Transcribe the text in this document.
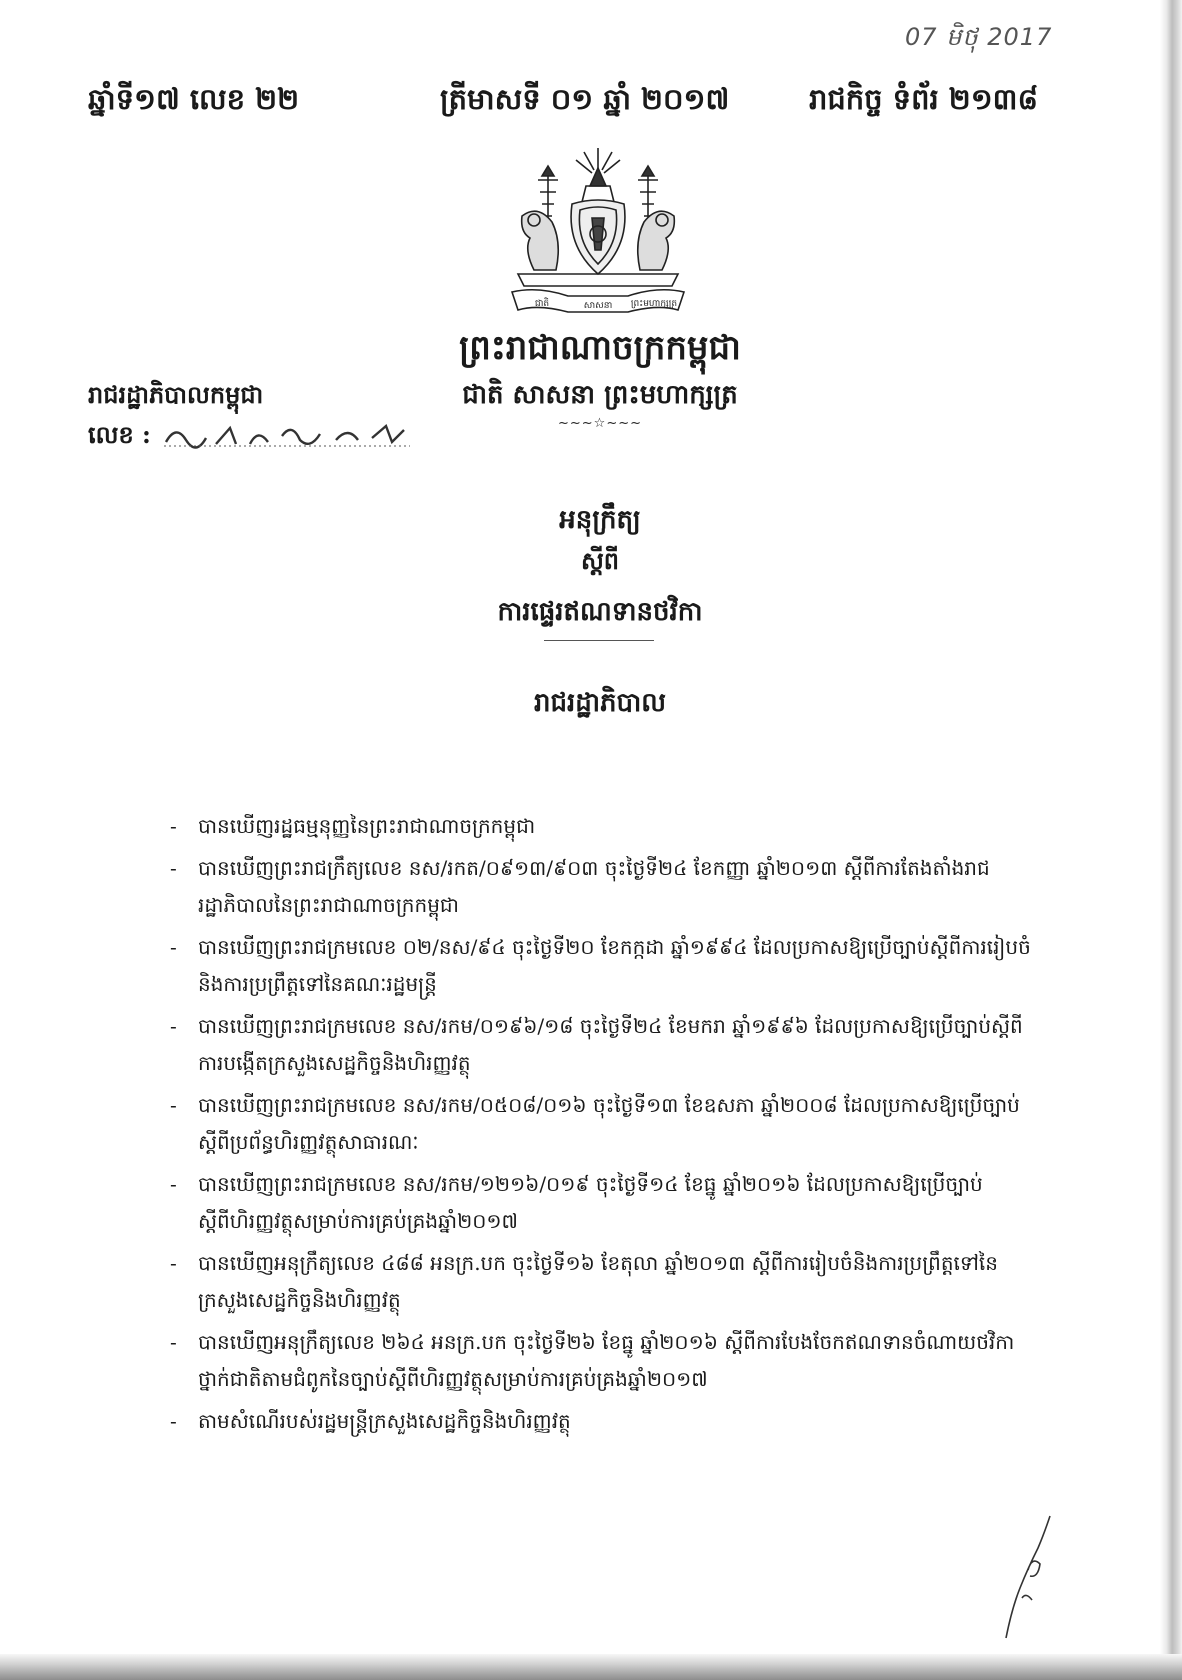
07 មិថុ 2017
ឆ្នាំទី១៧ លេខ ២២	ត្រីមាសទី ០១ ឆ្នាំ ២០១៧	រាជកិច្ច ទំព័រ ២១៣៨
ជាតិ	សាសនា ព្រះមហាក្សត្រ
ព្រះរាជាណាចក្រកម្ពុជា
ជាតិ សាសនា ព្រះមហាក្សត្រ
~~~☆~~~
រាជរដ្ឋាភិបាលកម្ពុជា
លេខ :
អនុក្រឹត្យ
ស្ដីពី
ការផ្ទេរឥណទានថវិកា
រាជរដ្ឋាភិបាល
- បានឃើញរដ្ឋធម្មនុញ្ញនៃព្រះរាជាណាចក្រកម្ពុជា
- បានឃើញព្រះរាជក្រឹត្យលេខ នស/រកត/០៩១៣/៩០៣ ចុះថ្ងៃទី២៤ ខែកញ្ញា ឆ្នាំ២០១៣ ស្ដីពីការតែងតាំងរាជរដ្ឋាភិបាលនៃព្រះរាជាណាចក្រកម្ពុជា
- បានឃើញព្រះរាជក្រមលេខ ០២/នស/៩៤ ចុះថ្ងៃទី២០ ខែកក្កដា ឆ្នាំ១៩៩៤ ដែលប្រកាសឱ្យប្រើច្បាប់ស្ដីពីការរៀបចំនិងការប្រព្រឹត្តទៅនៃគណៈរដ្ឋមន្ត្រី
- បានឃើញព្រះរាជក្រមលេខ នស/រកម/០១៩៦/១៨ ចុះថ្ងៃទី២៤ ខែមករា ឆ្នាំ១៩៩៦ ដែលប្រកាសឱ្យប្រើច្បាប់ស្ដីពីការបង្កើតក្រសួងសេដ្ឋកិច្ចនិងហិរញ្ញវត្ថុ
- បានឃើញព្រះរាជក្រមលេខ នស/រកម/០៥០៨/០១៦ ចុះថ្ងៃទី១៣ ខែឧសភា ឆ្នាំ២០០៨ ដែលប្រកាសឱ្យប្រើច្បាប់ស្ដីពីប្រព័ន្ធហិរញ្ញវត្ថុសាធារណៈ
- បានឃើញព្រះរាជក្រមលេខ នស/រកម/១២១៦/០១៩ ចុះថ្ងៃទី១៤ ខែធ្នូ ឆ្នាំ២០១៦ ដែលប្រកាសឱ្យប្រើច្បាប់ស្ដីពីហិរញ្ញវត្ថុសម្រាប់ការគ្រប់គ្រងឆ្នាំ២០១៧
- បានឃើញអនុក្រឹត្យលេខ ៤៨៨ អនក្រ.បក ចុះថ្ងៃទី១៦ ខែតុលា ឆ្នាំ២០១៣ ស្ដីពីការរៀបចំនិងការប្រព្រឹត្តទៅនៃក្រសួងសេដ្ឋកិច្ចនិងហិរញ្ញវត្ថុ
- បានឃើញអនុក្រឹត្យលេខ ២៦៤ អនក្រ.បក ចុះថ្ងៃទី២៦ ខែធ្នូ ឆ្នាំ២០១៦ ស្ដីពីការបែងចែកឥណទានចំណាយថវិកាថ្នាក់ជាតិតាមជំពូកនៃច្បាប់ស្ដីពីហិរញ្ញវត្ថុសម្រាប់ការគ្រប់គ្រងឆ្នាំ២០១៧
- តាមសំណើរបស់រដ្ឋមន្ត្រីក្រសួងសេដ្ឋកិច្ចនិងហិរញ្ញវត្ថុ
